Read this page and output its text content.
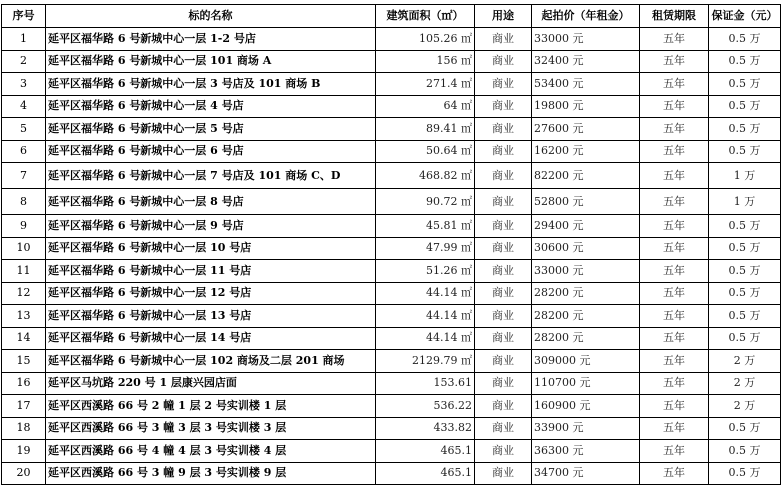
序号	标的名称	建筑面积（㎡）	用途	起拍价（年租金）	租赁期限	保证金（元）
1	延平区福华路 6 号新城中心一层 1-2 号店	105.26 ㎡	商业	33000 元	五年	0.5 万
2	延平区福华路 6 号新城中心一层 101 商场 A	156 ㎡	商业	32400 元	五年	0.5 万
3	延平区福华路 6 号新城中心一层 3 号店及 101 商场 B	271.4 ㎡	商业	53400 元	五年	0.5 万
4	延平区福华路 6 号新城中心一层 4 号店	64 ㎡	商业	19800 元	五年	0.5 万
5	延平区福华路 6 号新城中心一层 5 号店	89.41 ㎡	商业	27600 元	五年	0.5 万
6	延平区福华路 6 号新城中心一层 6 号店	50.64 ㎡	商业	16200 元	五年	0.5 万
7	延平区福华路 6 号新城中心一层 7 号店及 101 商场 C、D	468.82 ㎡	商业	82200 元	五年	1 万
8	延平区福华路 6 号新城中心一层 8 号店	90.72 ㎡	商业	52800 元	五年	1 万
9	延平区福华路 6 号新城中心一层 9 号店	45.81 ㎡	商业	29400 元	五年	0.5 万
10	延平区福华路 6 号新城中心一层 10 号店	47.99 ㎡	商业	30600 元	五年	0.5 万
11	延平区福华路 6 号新城中心一层 11 号店	51.26 ㎡	商业	33000 元	五年	0.5 万
12	延平区福华路 6 号新城中心一层 12 号店	44.14 ㎡	商业	28200 元	五年	0.5 万
13	延平区福华路 6 号新城中心一层 13 号店	44.14 ㎡	商业	28200 元	五年	0.5 万
14	延平区福华路 6 号新城中心一层 14 号店	44.14 ㎡	商业	28200 元	五年	0.5 万
15	延平区福华路 6 号新城中心一层 102 商场及二层 201 商场	2129.79 ㎡	商业	309000 元	五年	2 万
16	延平区马坑路 220 号 1 层康兴园店面	153.61	商业	110700 元	五年	2 万
17	延平区西溪路 66 号 2 幢 1 层 2 号实训楼 1 层	536.22	商业	160900 元	五年	2 万
18	延平区西溪路 66 号 3 幢 3 层 3 号实训楼 3 层	433.82	商业	33900 元	五年	0.5 万
19	延平区西溪路 66 号 4 幢 4 层 3 号实训楼 4 层	465.1	商业	36300 元	五年	0.5 万
20	延平区西溪路 66 号 3 幢 9 层 3 号实训楼 9 层	465.1	商业	34700 元	五年	0.5 万
